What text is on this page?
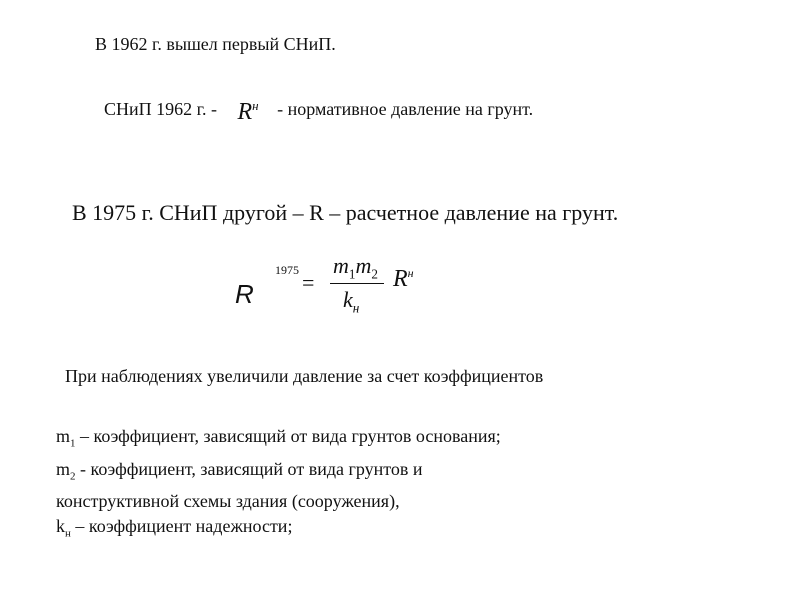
В 1962 г. вышел первый СНиП.
СНиП 1962 г. - $R^н$ - нормативное давление на грунт.
В 1975 г. СНиП другой – R – расчетное давление на грунт.
R
1975 =
$m_1m_2$
$k_н$
$R^н$
При наблюдениях увеличили давление за счет коэффициентов
$m_1$ – коэффициент, зависящий от вида грунтов основания;
$m_2$ - коэффициент, зависящий от вида грунтов и
конструктивной схемы здания (сооружения),
$k_н$ – коэффициент надежности;
